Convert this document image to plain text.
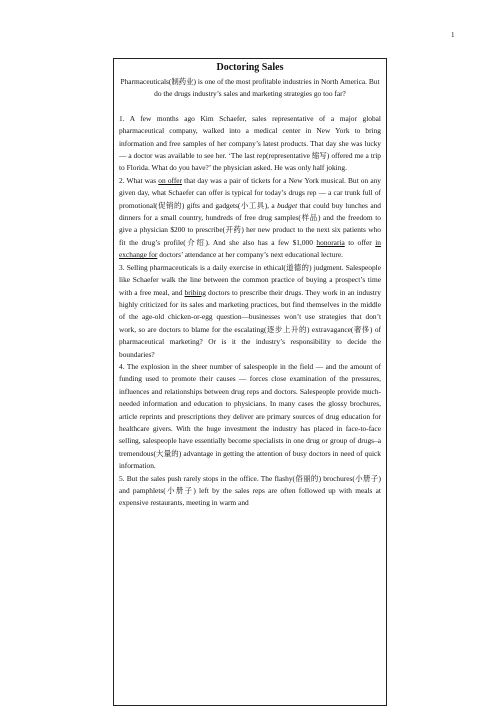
1
Doctoring Sales

Pharmaceuticals(制药业) is one of the most profitable industries in North America. But do the drugs industry’s sales and marketing strategies go too far?

1. A few months ago Kim Schaefer, sales representative of a major global pharmaceutical company, walked into a medical center in New York to bring information and free samples of her company’s latest products. That day she was lucky — a doctor was available to see her. ‘The last rep(representative 缩写) offered me a trip to Florida. What do you have?’ the physician asked. He was only half joking.

2. What was on offer that day was a pair of tickets for a New York musical. But on any given day, what Schaefer can offer is typical for today’s drugs rep — a car trunk full of promotional(促销的) gifts and gadgets(小工具), a budget that could buy lunches and dinners for a small country, hundreds of free drug samples(样品) and the freedom to give a physician $200 to prescribe(开药) her new product to the next six patients who fit the drug’s profile(介绍). And she also has a few $1,000 honoraria to offer in exchange for doctors’ attendance at her company’s next educational lecture.

3. Selling pharmaceuticals is a daily exercise in ethical(道德的) judgment. Salespeople like Schaefer walk the line between the common practice of buying a prospect’s time with a free meal, and bribing doctors to prescribe their drugs. They work in an industry highly criticized for its sales and marketing practices, but find themselves in the middle of the age-old chicken-or-egg question—businesses won’t use strategies that don’t work, so are doctors to blame for the escalating(逐步上升的) extravagance(奢侈) of pharmaceutical marketing? Or is it the industry’s responsibility to decide the boundaries?

4. The explosion in the sheer number of salespeople in the field — and the amount of funding used to promote their causes — forces close examination of the pressures, influences and relationships between drug reps and doctors. Salespeople provide much-needed information and education to physicians. In many cases the glossy brochures, article reprints and prescriptions they deliver are primary sources of drug education for healthcare givers. With the huge investment the industry has placed in face-to-face selling, salespeople have essentially become specialists in one drug or group of drugs–a tremendous(大量的) advantage in getting the attention of busy doctors in need of quick information.

5. But the sales push rarely stops in the office. The flashy(俗丽的) brochures(小册子) and pamphlets(小册子) left by the sales reps are often followed up with meals at expensive restaurants, meeting in warm and
